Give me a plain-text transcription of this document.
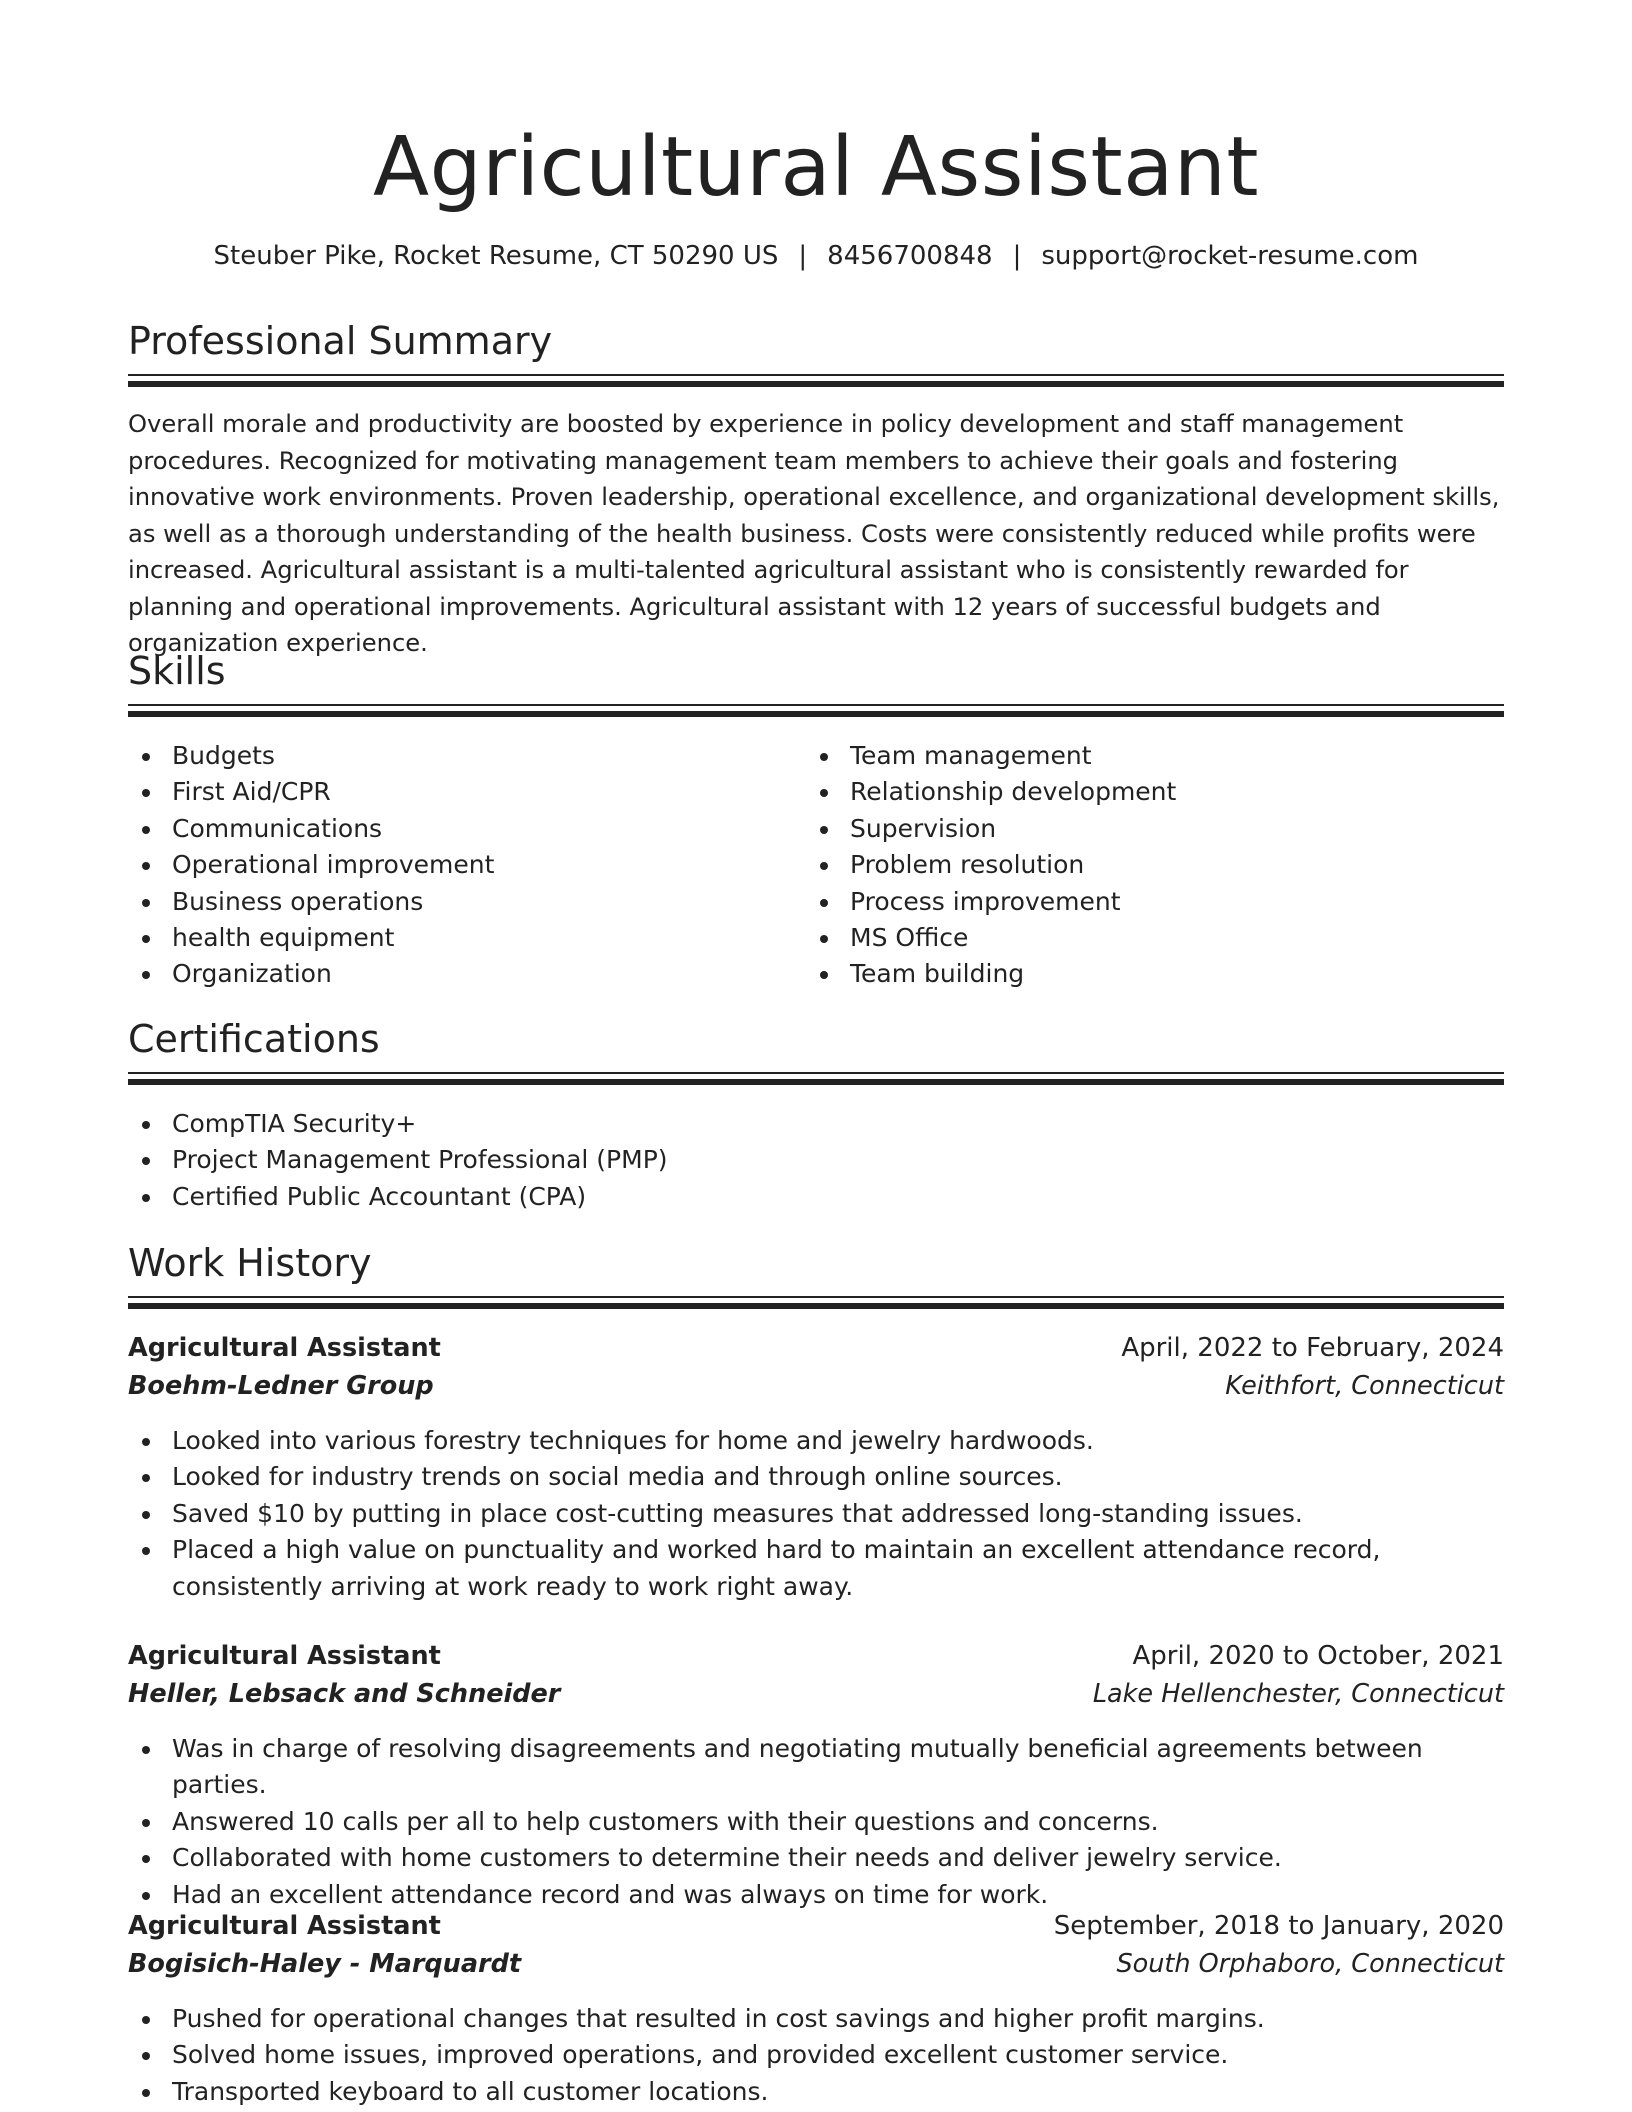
Agricultural Assistant
Steuber Pike, Rocket Resume, CT 50290 US | 8456700848 | support@rocket-resume.com
Professional Summary

Overall morale and productivity are boosted by experience in policy development and staff management procedures. Recognized for motivating management team members to achieve their goals and fostering innovative work environments. Proven leadership, operational excellence, and organizational development skills, as well as a thorough understanding of the health business. Costs were consistently reduced while profits were increased. Agricultural assistant is a multi-talented agricultural assistant who is consistently rewarded for planning and operational improvements. Agricultural assistant with 12 years of successful budgets and organization experience.

Skills
Budgets
First Aid/CPR
Communications
Operational improvement
Business operations
health equipment
Organization
Team management
Relationship development
Supervision
Problem resolution
Process improvement
MS Office
Team building
Certifications
CompTIA Security+
Project Management Professional (PMP)
Certified Public Accountant (CPA)
Work History
Agricultural Assistant	April, 2022 to February, 2024
Boehm-Ledner Group	Keithfort, Connecticut
Looked into various forestry techniques for home and jewelry hardwoods.
Looked for industry trends on social media and through online sources.
Saved $10 by putting in place cost-cutting measures that addressed long-standing issues.
Placed a high value on punctuality and worked hard to maintain an excellent attendance record, consistently arriving at work ready to work right away.
Agricultural Assistant	April, 2020 to October, 2021
Heller, Lebsack and Schneider	Lake Hellenchester, Connecticut
Was in charge of resolving disagreements and negotiating mutually beneficial agreements between parties.
Answered 10 calls per all to help customers with their questions and concerns.
Collaborated with home customers to determine their needs and deliver jewelry service.
Had an excellent attendance record and was always on time for work.
Agricultural Assistant	September, 2018 to January, 2020
Bogisich-Haley - Marquardt	South Orphaboro, Connecticut
Pushed for operational changes that resulted in cost savings and higher profit margins.
Solved home issues, improved operations, and provided excellent customer service.
Transported keyboard to all customer locations.
